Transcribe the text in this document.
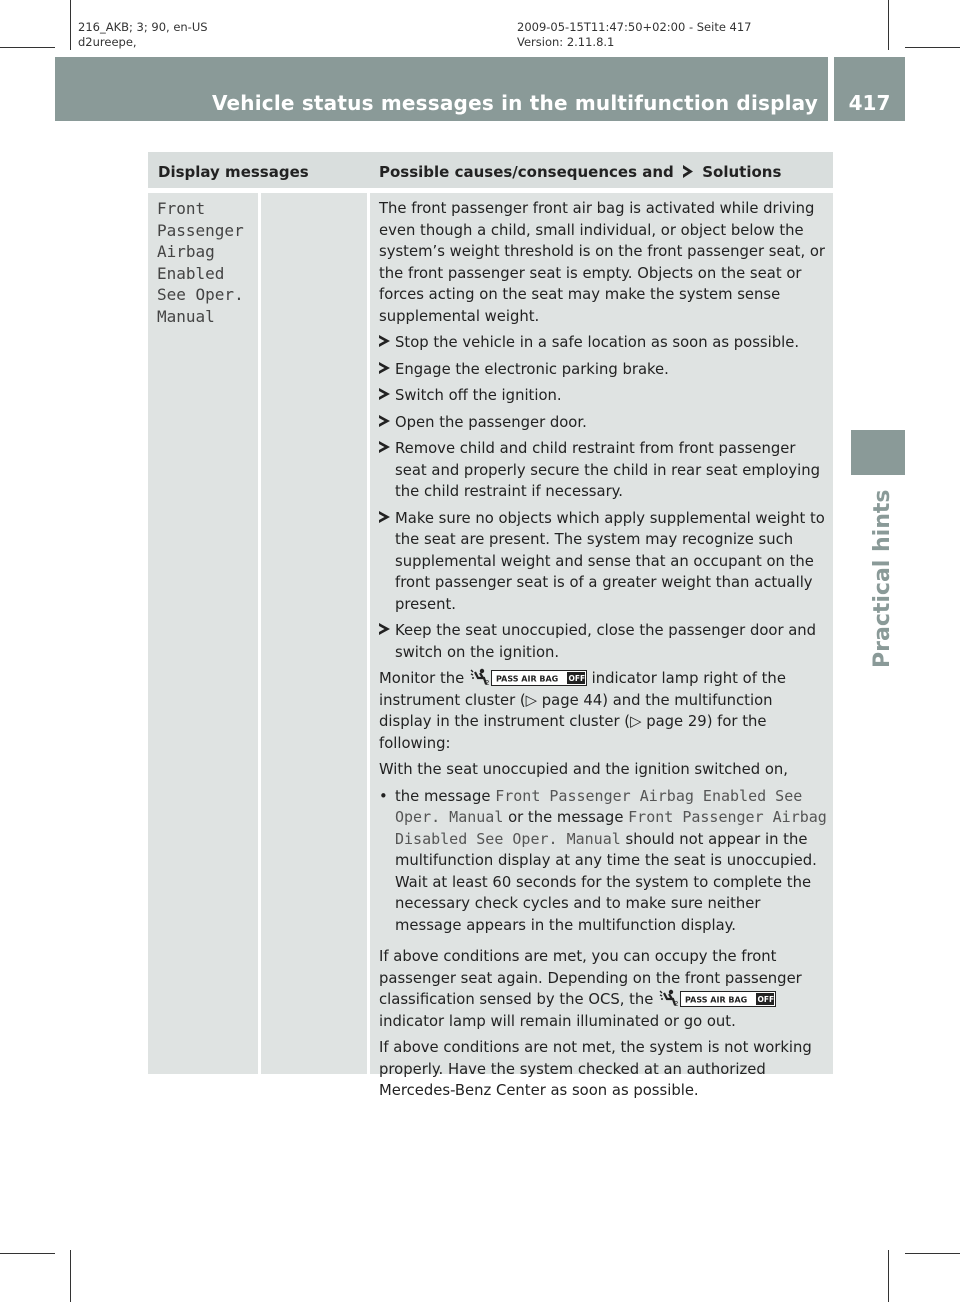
216_AKB; 3; 90, en-US
d2ureepe,
2009-05-15T11:47:50+02:00 - Seite 417
Version: 2.11.8.1
Vehicle status messages in the multifunction display	417
Practical hints
Display messages	Possible causes/consequences and Solutions
Front
Passenger
Airbag
Enabled
See Oper.
Manual

The front passenger front air bag is activated while driving even though a child, small individual, or object below the system’s weight threshold is on the front passenger seat, or the front passenger seat is empty. Objects on the seat or forces acting on the seat may make the system sense supplemental weight.

Stop the vehicle in a safe location as soon as possible.
Engage the electronic parking brake.
Switch off the ignition.
Open the passenger door.
Remove child and child restraint from front passenger seat and properly secure the child in rear seat employing the child restraint if necessary.
Make sure no objects which apply supplemental weight to the seat are present. The system may recognize such supplemental weight and sense that an occupant on the front passenger seat is of a greater weight than actually present.
Keep the seat unoccupied, close the passenger door and switch on the ignition.

Monitor the	2 PASS AIR BAG OFF indicator lamp right of the instrument cluster (▷ page 44) and the multifunction display in the instrument cluster (▷ page 29) for the following:

With the seat unoccupied and the ignition switched on,

• the message Front Passenger Airbag Enabled See Oper. Manual or the message Front Passenger Airbag Disabled See Oper. Manual should not appear in the multifunction display at any time the seat is unoccupied. Wait at least 60 seconds for the system to complete the necessary check cycles and to make sure neither message appears in the multifunction display.

If above conditions are met, you can occupy the front passenger seat again. Depending on the front passenger classification sensed by the OCS, the	2 PASS AIR BAG OFF
indicator lamp will remain illuminated or go out.

If above conditions are not met, the system is not working properly. Have the system checked at an authorized Mercedes-Benz Center as soon as possible.
